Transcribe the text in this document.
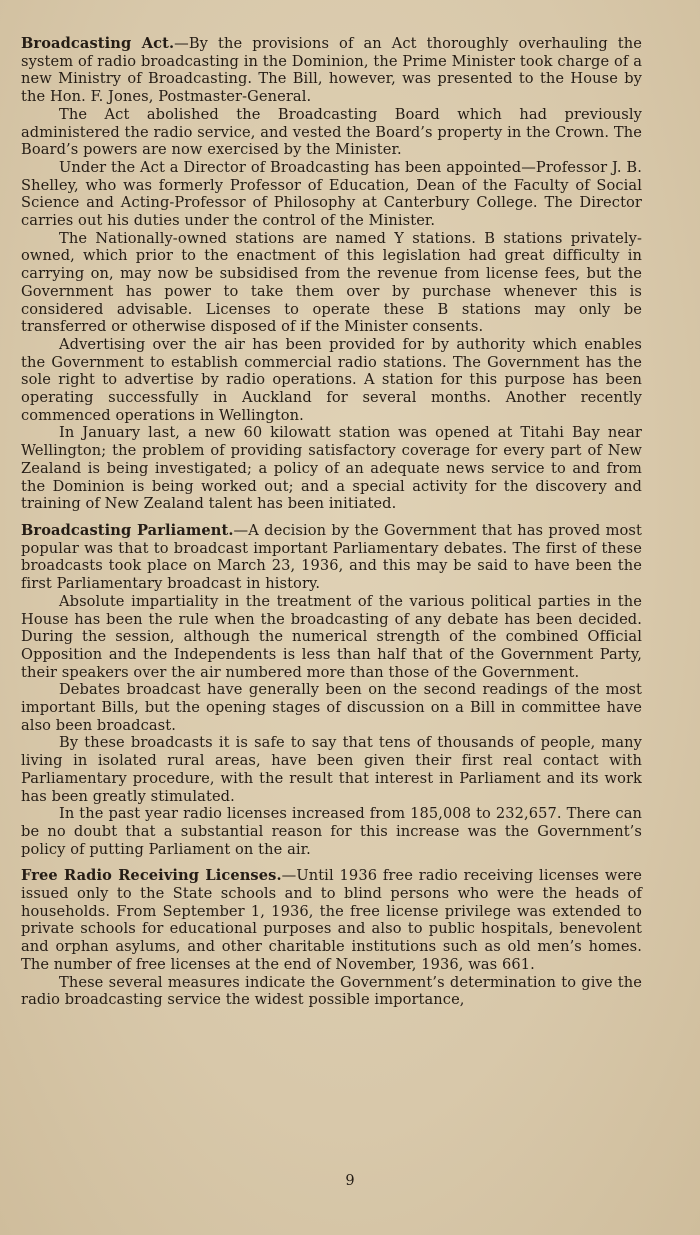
Broadcasting Act.—By the provisions of an Act thoroughly overhauling the system of radio broadcasting in the Dominion, the Prime Minister took charge of a new Ministry of Broadcasting. The Bill, however, was presented to the House by the Hon. F. Jones, Postmaster-General.

The Act abolished the Broadcasting Board which had previously administered the radio service, and vested the Board’s property in the Crown. The Board’s powers are now exercised by the Minister.

Under the Act a Director of Broadcasting has been appointed—Professor J. B. Shelley, who was formerly Professor of Education, Dean of the Faculty of Social Science and Acting-Professor of Philosophy at Canterbury College. The Director carries out his duties under the control of the Minister.

The Nationally-owned stations are named Y stations. B stations privately-owned, which prior to the enactment of this legislation had great difficulty in carrying on, may now be subsidised from the revenue from license fees, but the Government has power to take them over by purchase whenever this is considered advisable. Licenses to operate these B stations may only be transferred or otherwise disposed of if the Minister consents.

Advertising over the air has been provided for by authority which enables the Government to establish commercial radio stations. The Government has the sole right to advertise by radio operations. A station for this purpose has been operating successfully in Auckland for several months. Another recently commenced operations in Wellington.

In January last, a new 60 kilowatt station was opened at Titahi Bay near Wellington; the problem of providing satisfactory coverage for every part of New Zealand is being investigated; a policy of an adequate news service to and from the Dominion is being worked out; and a special activity for the discovery and training of New Zealand talent has been initiated.

Broadcasting Parliament.—A decision by the Government that has proved most popular was that to broadcast important Parliamentary debates. The first of these broadcasts took place on March 23, 1936, and this may be said to have been the first Parliamentary broadcast in history.

Absolute impartiality in the treatment of the various political parties in the House has been the rule when the broadcasting of any debate has been decided. During the session, although the numerical strength of the combined Official Opposition and the Independents is less than half that of the Government Party, their speakers over the air numbered more than those of the Government.

Debates broadcast have generally been on the second readings of the most important Bills, but the opening stages of discussion on a Bill in committee have also been broadcast.

By these broadcasts it is safe to say that tens of thousands of people, many living in isolated rural areas, have been given their first real contact with Parliamentary procedure, with the result that interest in Parliament and its work has been greatly stimulated.

In the past year radio licenses increased from 185,008 to 232,657. There can be no doubt that a substantial reason for this increase was the Government’s policy of putting Parliament on the air.

Free Radio Receiving Licenses.—Until 1936 free radio receiving licenses were issued only to the State schools and to blind persons who were the heads of households. From September 1, 1936, the free license privilege was extended to private schools for educational purposes and also to public hospitals, benevolent and orphan asylums, and other charitable institutions such as old men’s homes. The number of free licenses at the end of November, 1936, was 661.

These several measures indicate the Government’s determination to give the radio broadcasting service the widest possible importance,

9
